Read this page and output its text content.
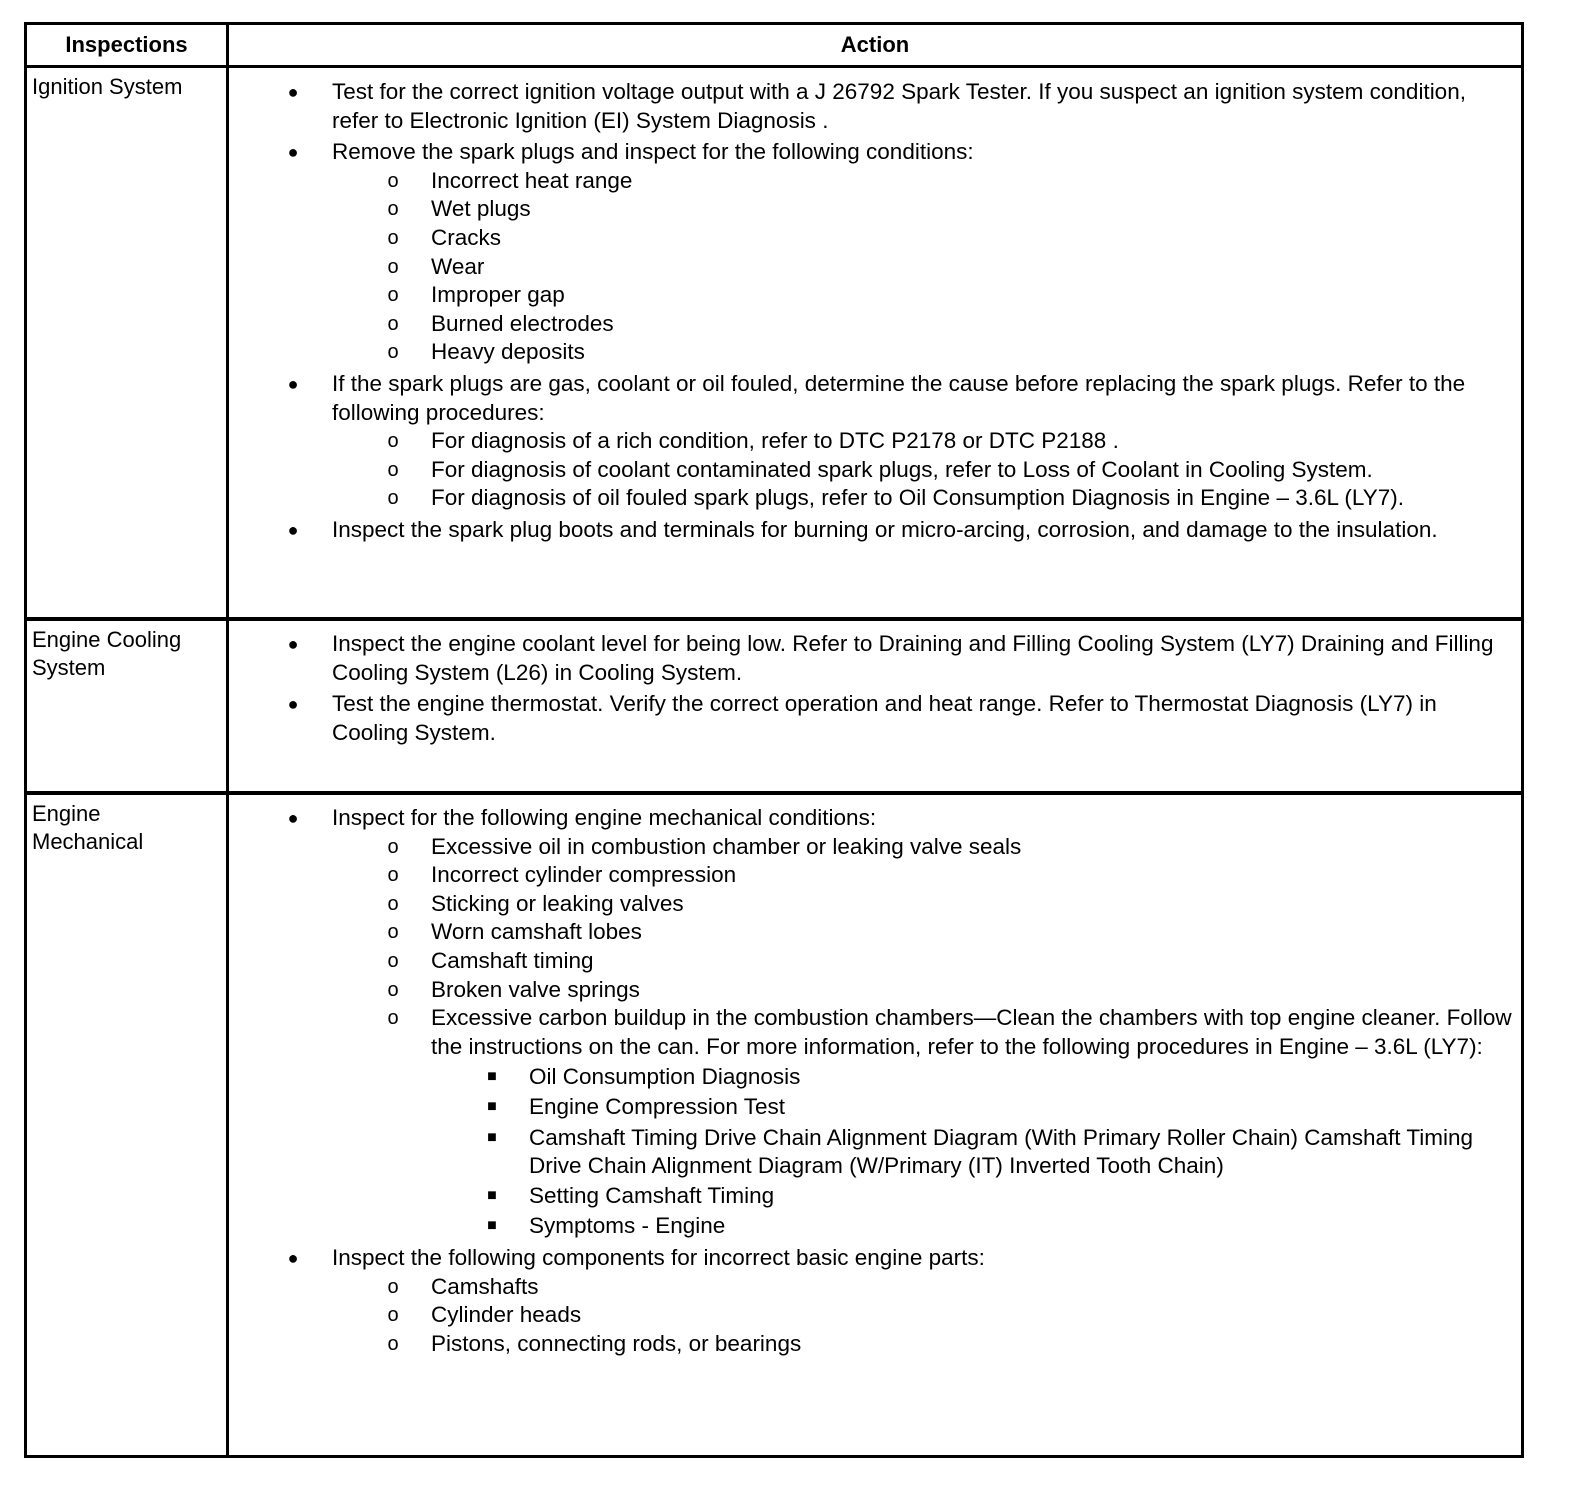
Inspections	Action
Ignition System	●	Test for the correct ignition voltage output with a J 26792 Spark Tester. If you suspect an ignition system condition, refer to Electronic Ignition (EI) System Diagnosis .
●	Remove the spark plugs and inspect for the following conditions:
o	Incorrect heat range
o	Wet plugs
o	Cracks
o	Wear
o	Improper gap
o	Burned electrodes
o	Heavy deposits
●	If the spark plugs are gas, coolant or oil fouled, determine the cause before replacing the spark plugs. Refer to the following procedures:
o	For diagnosis of a rich condition, refer to DTC P2178 or DTC P2188 .
o	For diagnosis of coolant contaminated spark plugs, refer to Loss of Coolant in Cooling System.
o	For diagnosis of oil fouled spark plugs, refer to Oil Consumption Diagnosis in Engine – 3.6L (LY7).
●	Inspect the spark plug boots and terminals for burning or micro-arcing, corrosion, and damage to the insulation.
Engine Cooling System
●	Inspect the engine coolant level for being low. Refer to Draining and Filling Cooling System (LY7) Draining and Filling Cooling System (L26) in Cooling System.
●	Test the engine thermostat. Verify the correct operation and heat range. Refer to Thermostat Diagnosis (LY7) in Cooling System.
Engine Mechanical
●	Inspect for the following engine mechanical conditions:
o	Excessive oil in combustion chamber or leaking valve seals
o	Incorrect cylinder compression
o	Sticking or leaking valves
o	Worn camshaft lobes
o	Camshaft timing
o	Broken valve springs
o	Excessive carbon buildup in the combustion chambers—Clean the chambers with top engine cleaner. Follow the instructions on the can. For more information, refer to the following procedures in Engine – 3.6L (LY7):
■	Oil Consumption Diagnosis
■	Engine Compression Test
■	Camshaft Timing Drive Chain Alignment Diagram (With Primary Roller Chain) Camshaft Timing Drive Chain Alignment Diagram (W/Primary (IT) Inverted Tooth Chain)
■	Setting Camshaft Timing
■	Symptoms - Engine
●	Inspect the following components for incorrect basic engine parts:
o	Camshafts
o	Cylinder heads
o	Pistons, connecting rods, or bearings
